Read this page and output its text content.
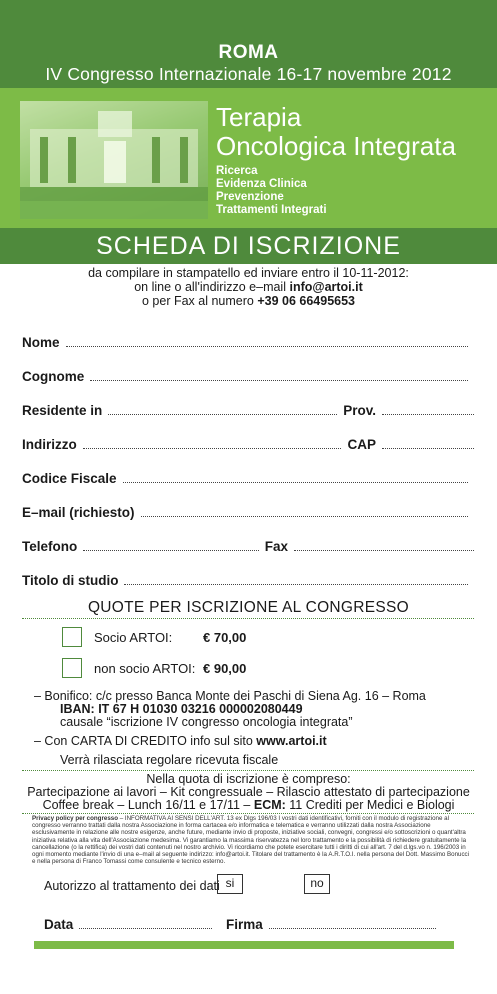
ROMA
IV Congresso Internazionale 16-17 novembre 2012
Terapia
Oncologica Integrata
Ricerca
Evidenza Clinica
Prevenzione
Trattamenti Integrati
SCHEDA DI ISCRIZIONE
da compilare in stampatello ed inviare entro il 10-11-2012:
on line o all'indirizzo e–mail info@artoi.it
o per Fax al numero +39 06 66495653
Nome
Cognome
Residente in	Prov.
Indirizzo	CAP
Codice Fiscale
E–mail (richiesto)
Telefono	Fax
Titolo di studio
QUOTE PER ISCRIZIONE AL CONGRESSO
Socio ARTOI: € 70,00
non socio ARTOI: € 90,00
– Bonifico: c/c presso Banca Monte dei Paschi di Siena Ag. 16 – Roma
IBAN: IT 67 H 01030 03216 000002080449
causale “iscrizione IV congresso oncologia integrata”
– Con CARTA DI CREDITO info sul sito www.artoi.it
Verrà rilasciata regolare ricevuta fiscale
Nella quota di iscrizione è compreso:
Partecipazione ai lavori – Kit congressuale – Rilascio attestato di partecipazione
Coffee break – Lunch 16/11 e 17/11 – ECM: 11 Crediti per Medici e Biologi
Privacy policy per congresso – INFORMATIVA AI SENSI DELL'ART. 13 ex Dlgs 196/03 I vostri dati identificativi, forniti con il modulo di registrazione al congresso verranno trattati dalla nostra Associazione in forma cartacea e/o informatica e telematica e verranno utilizzati dalla nostra Associazione esclusivamente in relazione alle nostre esigenze, anche future, mediante invio di proposte, iniziative sociali, convegni, congressi e/o sottoscrizioni o quant'altra iniziativa relativa alla vita dell'Associazione medesima. Vi garantiamo la massima riservatezza nel loro trattamento e la possibilità di richiedere gratuitamente la cancellazione (o la rettifica) dei vostri dati contenuti nel nostro archivio. Vi ricordiamo che potete esercitare tutti i diritti di cui all'art. 7 del d.lgs.vo n. 196/2003 in ogni momento mediante l'invio di una e–mail al seguente indirizzo: info@artoi.it. Titolare del trattamento è la A.R.T.O.I. nella persona del Dott. Massimo Bonucci e nella persona di Franco Tomassi come consulente e tecnico esterno.
Autorizzo al trattamento dei dati si	no
Data	Firma
